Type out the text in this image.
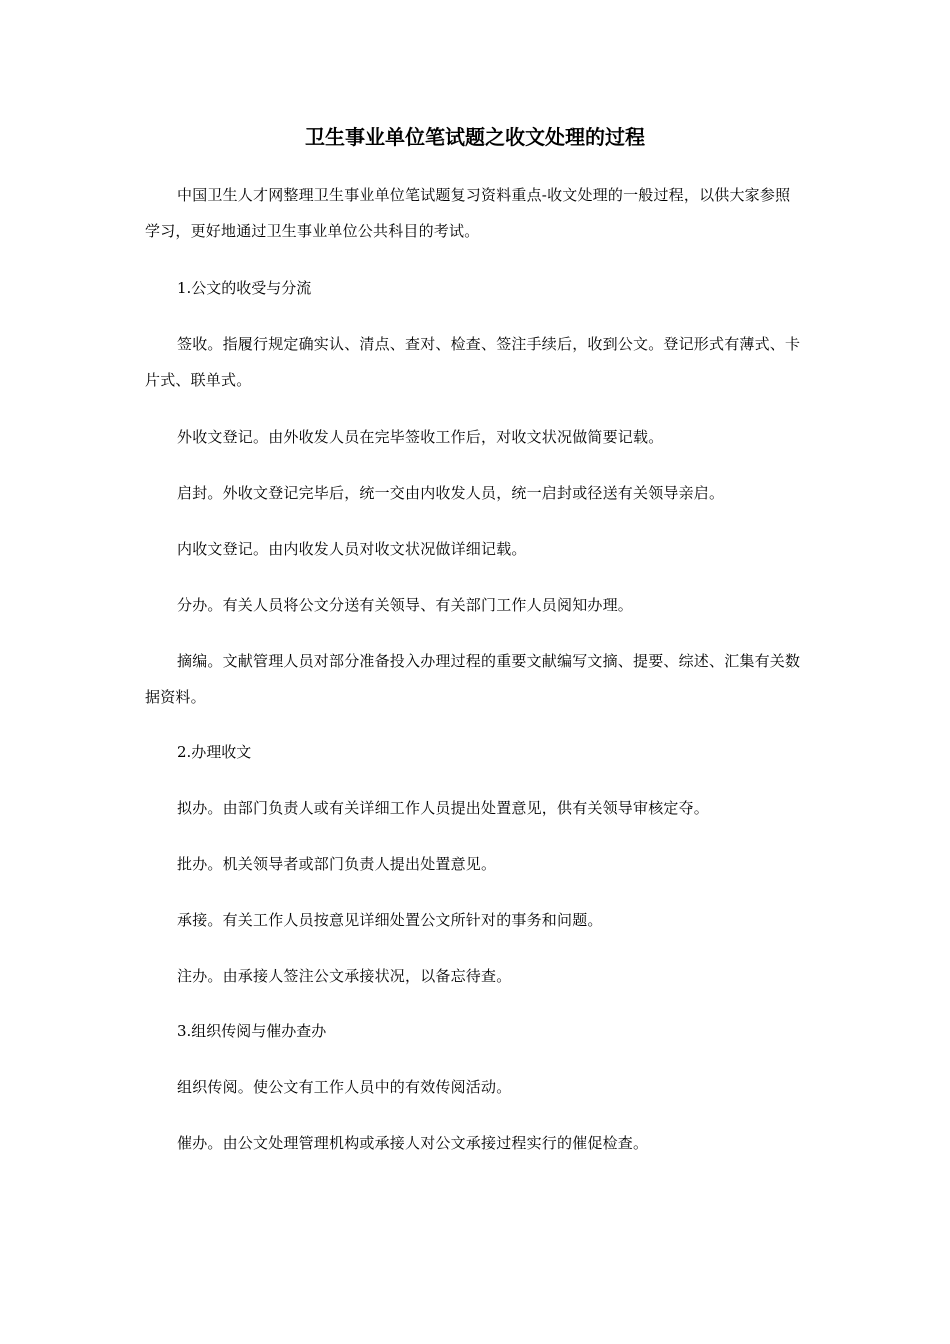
卫生事业单位笔试题之收文处理的过程

中国卫生人才网整理卫生事业单位笔试题复习资料重点-收文处理的一般过程，以供大家参照学习，更好地通过卫生事业单位公共科目的考试。

1.公文的收受与分流

签收。指履行规定确实认、清点、查对、检查、签注手续后，收到公文。登记形式有薄式、卡片式、联单式。

外收文登记。由外收发人员在完毕签收工作后，对收文状况做简要记载。

启封。外收文登记完毕后，统一交由内收发人员，统一启封或径送有关领导亲启。

内收文登记。由内收发人员对收文状况做详细记载。

分办。有关人员将公文分送有关领导、有关部门工作人员阅知办理。

摘编。文献管理人员对部分准备投入办理过程的重要文献编写文摘、提要、综述、汇集有关数据资料。

2.办理收文

拟办。由部门负责人或有关详细工作人员提出处置意见，供有关领导审核定夺。

批办。机关领导者或部门负责人提出处置意见。

承接。有关工作人员按意见详细处置公文所针对的事务和问题。

注办。由承接人签注公文承接状况，以备忘待查。

3.组织传阅与催办查办

组织传阅。使公文有工作人员中的有效传阅活动。

催办。由公文处理管理机构或承接人对公文承接过程实行的催促检查。
